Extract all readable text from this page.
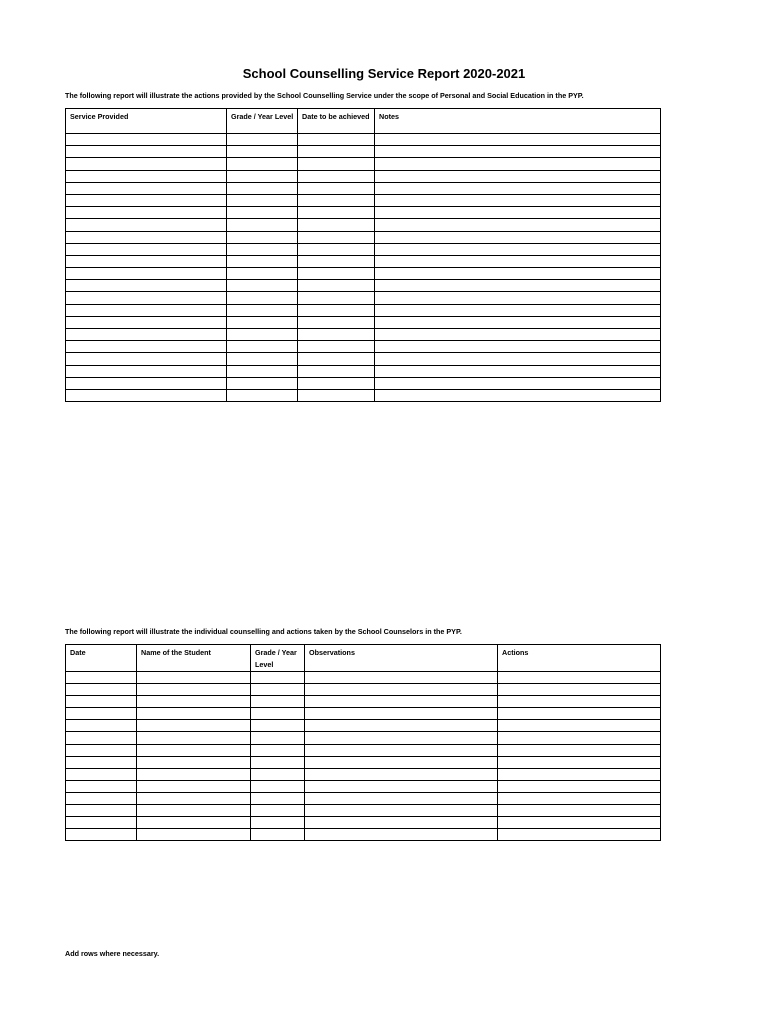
School Counselling Service Report 2020-2021
The following report will illustrate the actions provided by the School Counselling Service under the scope of Personal and Social Education in the PYP.
Service Provided	Grade / Year Level	Date to be achieved	Notes

The following report will illustrate the individual counselling and actions taken by the School Counselors in the PYP.
Date	Name of the Student	Grade / Year Level	Observations	Actions

Add rows where necessary.
